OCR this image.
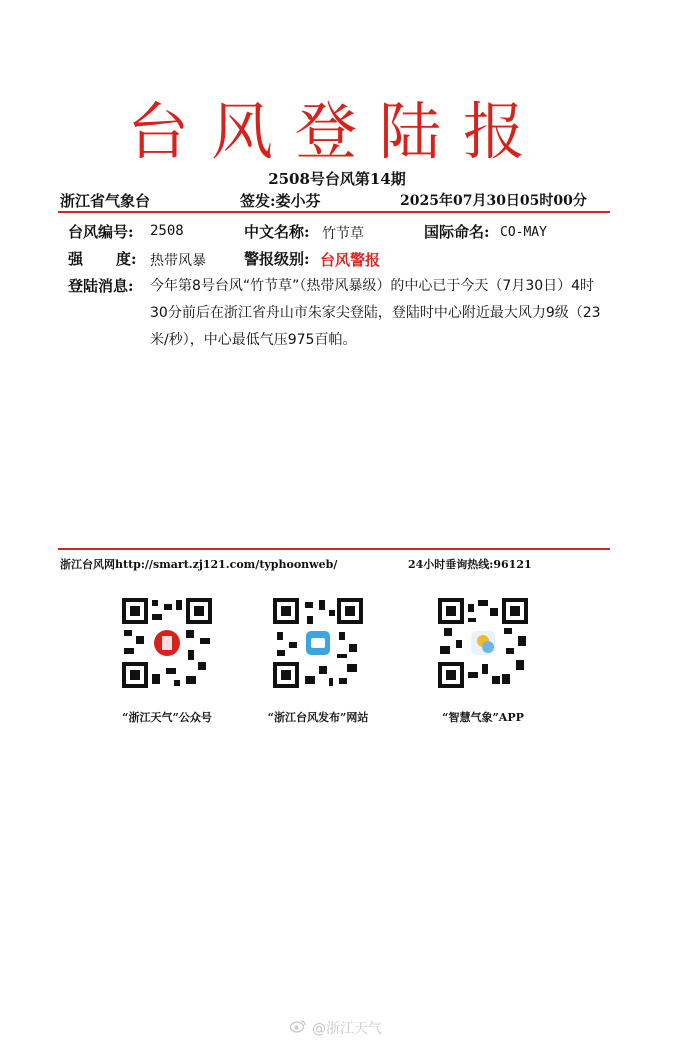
台风登陆报
2508号台风第14期
浙江省气象台	签发:娄小芬	2025年07月30日05时00分
台风编号: 2508	中文名称: 竹节草	国际命名: CO-MAY
强 度: 热带风暴	警报级别: 台风警报
登陆消息: 今年第8号台风“竹节草”（热带风暴级）的中心已于今天（7月30日）4时30分前后在浙江省舟山市朱家尖登陆，登陆时中心附近最大风力9级（23米/秒），中心最低气压975百帕。
浙江台风网http://smart.zj121.com/typhoonweb/	24小时垂询热线:96121
“浙江天气”公众号	“浙江台风发布”网站	“智慧气象”APP
@浙江天气
